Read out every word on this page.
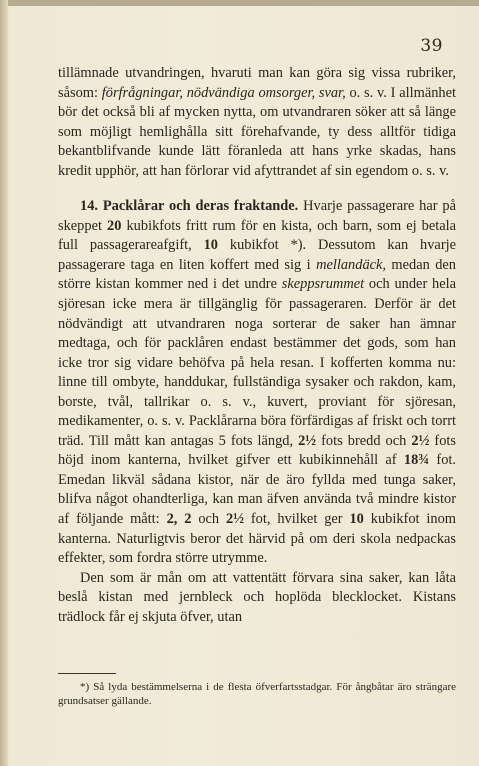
39

tillämnade utvandringen, hvaruti man kan göra sig vissa rubriker, såsom: förfrågningar, nödvändiga omsorger, svar, o. s. v. I allmänhet bör det också bli af mycken nytta, om utvandraren söker att så länge som möjligt hemlighålla sitt förehafvande, ty dess alltför tidiga bekantblifvande kunde lätt föranleda att hans yrke skadas, hans kredit upphör, att han förlorar vid afyttrandet af sin egendom o. s. v.

14. Packlårar och deras fraktande. Hvarje passagerare har på skeppet 20 kubikfots fritt rum för en kista, och barn, som ej betala full passagerareafgift, 10 kubikfot *). Dessutom kan hvarje passagerare taga en liten koffert med sig i mellandäck, medan den större kistan kommer ned i det undre skeppsrummet och under hela sjöresan icke mera är tillgänglig för passageraren. Derför är det nödvändigt att utvandraren noga sorterar de saker han ämnar medtaga, och för packlåren endast bestämmer det gods, som han icke tror sig vidare behöfva på hela resan. I kofferten komma nu: linne till ombyte, handdukar, fullständiga sysaker och rakdon, kam, borste, tvål, tallrikar o. s. v., kuvert, proviant för sjöresan, medikamenter, o. s. v. Packlårarna böra förfärdigas af friskt och torrt träd. Till mått kan antagas 5 fots längd, 2½ fots bredd och 2½ fots höjd inom kanterna, hvilket gifver ett kubikinnehåll af 18¾ fot. Emedan likväl sådana kistor, när de äro fyllda med tunga saker, blifva något ohandterliga, kan man äfven använda två mindre kistor af följande mått: 2, 2 och 2½ fot, hvilket ger 10 kubikfot inom kanterna. Naturligtvis beror det härvid på om deri skola nedpackas effekter, som fordra större utrymme.

Den som är mån om att vattentätt förvara sina saker, kan låta beslå kistan med jernbleck och hoplöda blecklocket. Kistans trädlock får ej skjuta öfver, utan

*) Så lyda bestämmelserna i de flesta öfverfartsstadgar. För ångbåtar äro strängare grundsatser gällande.
